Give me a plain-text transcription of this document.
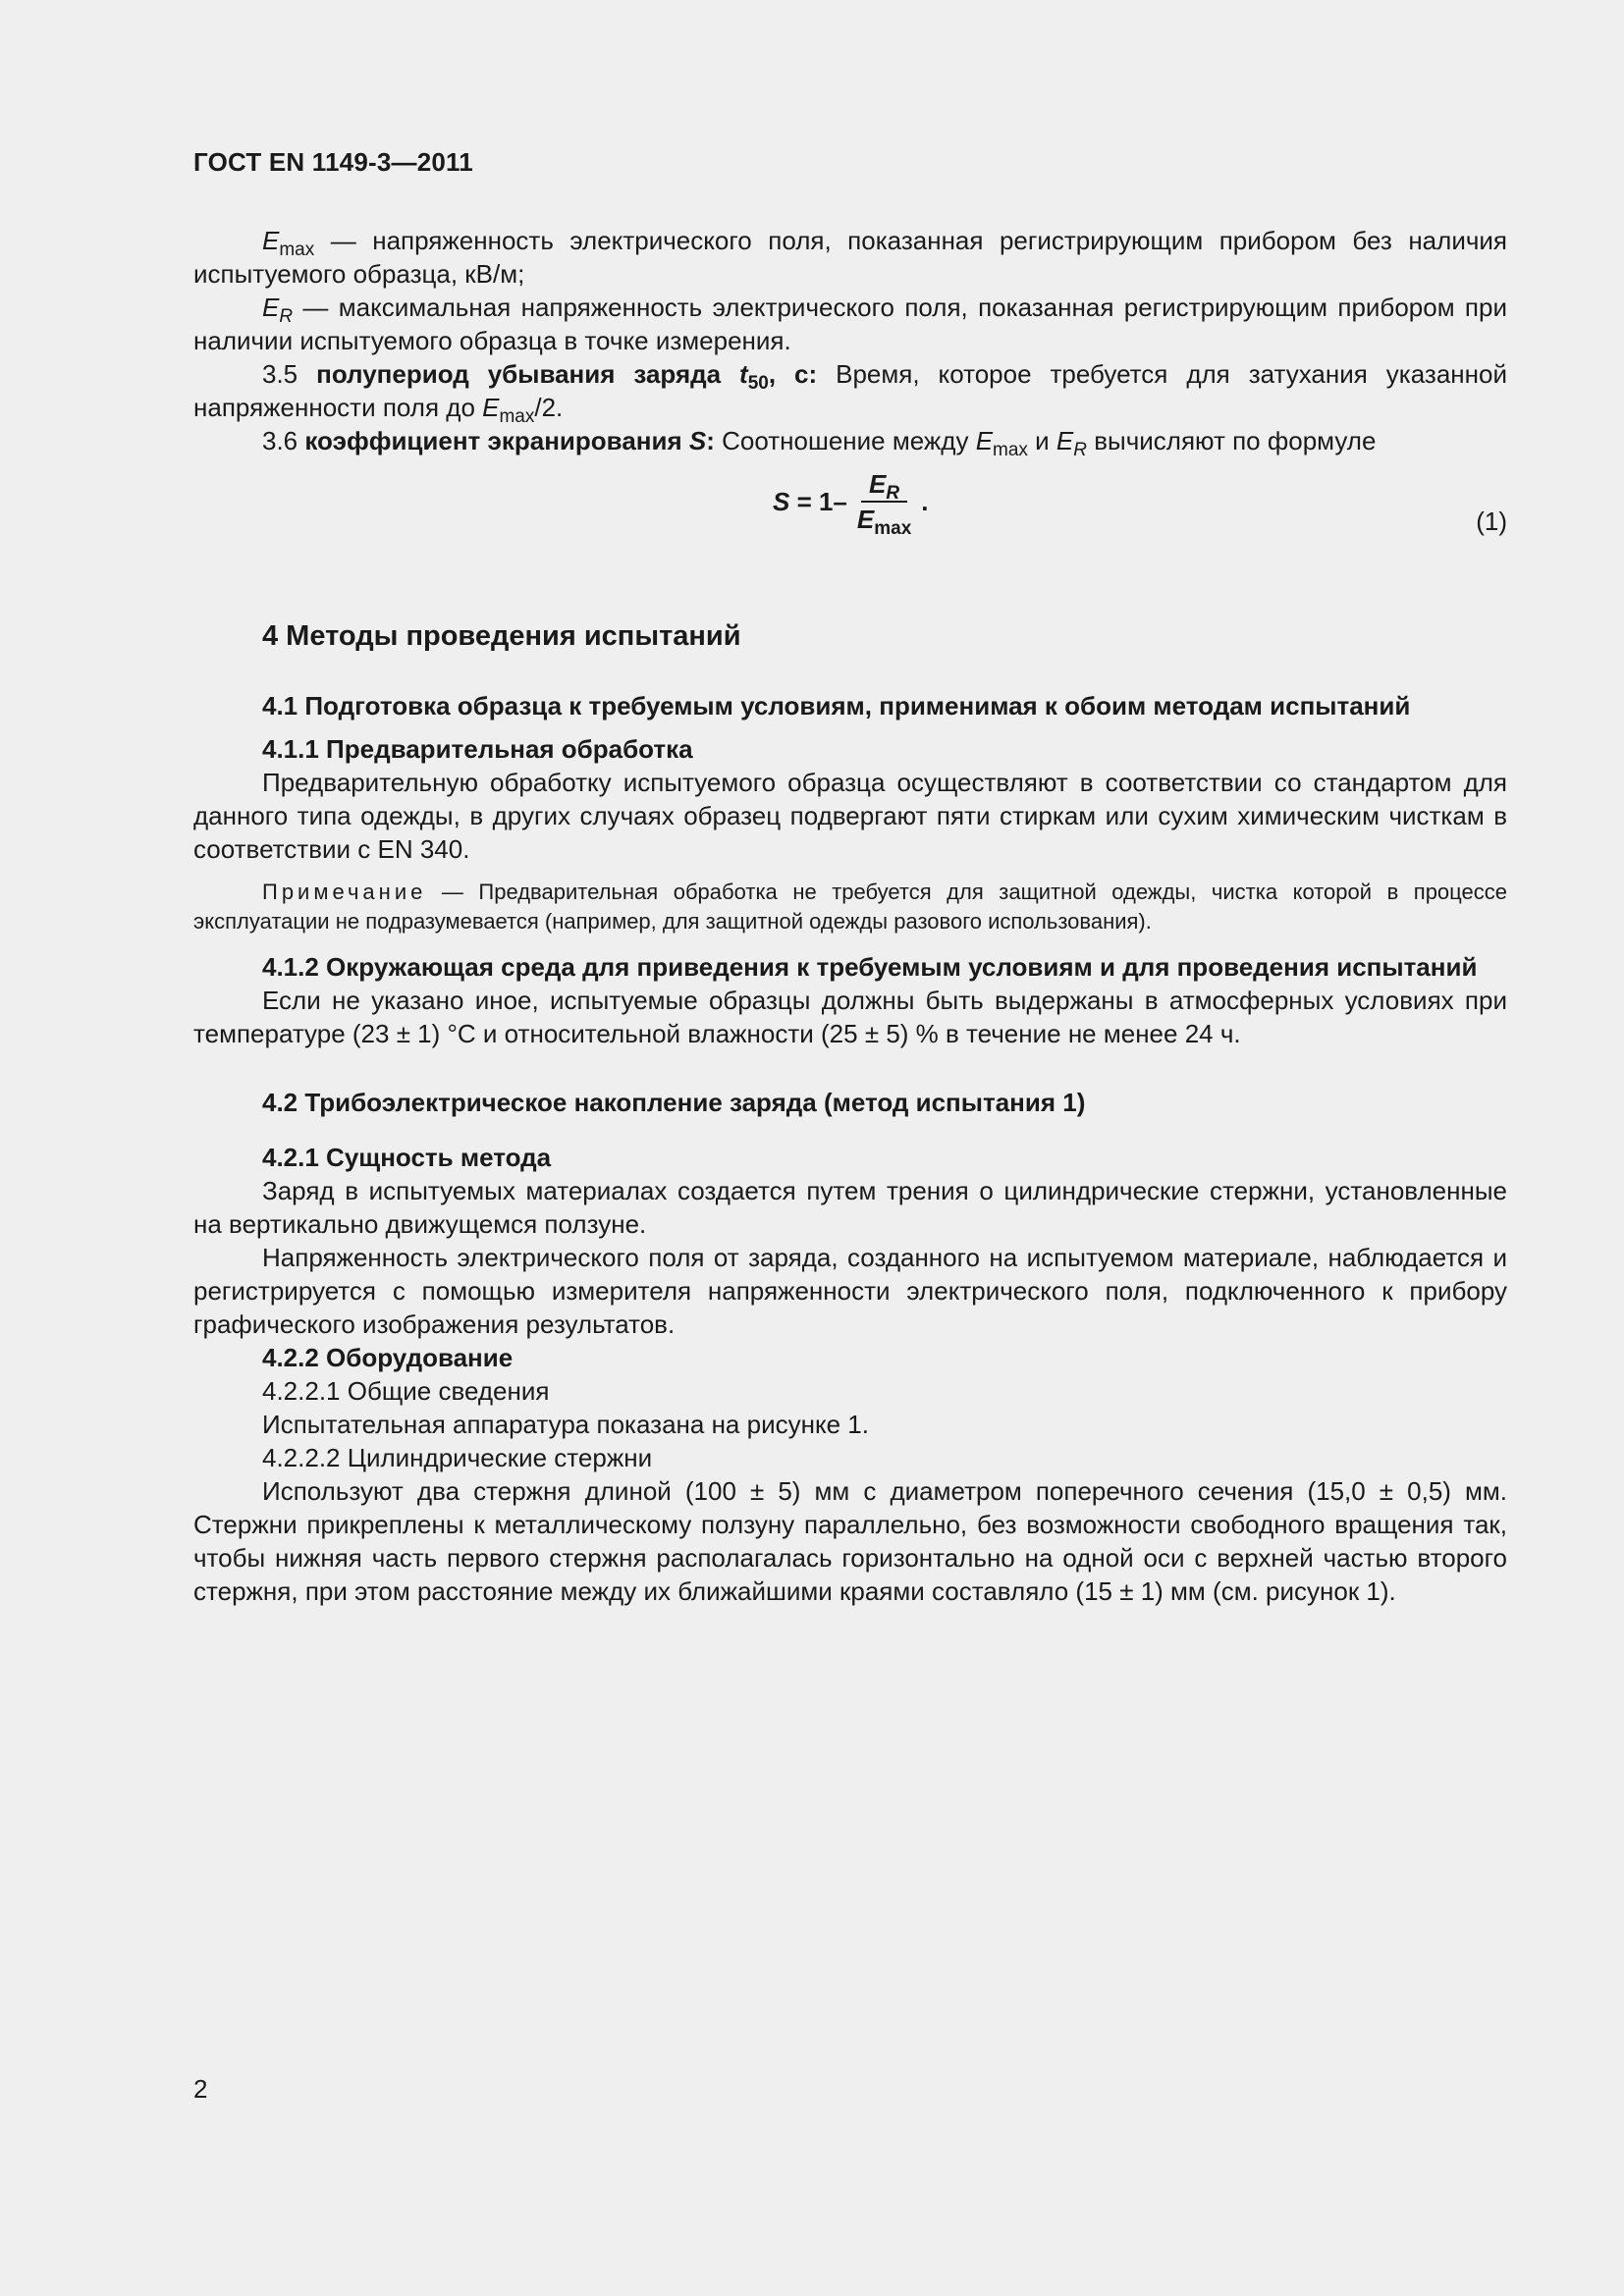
ГОСТ EN 1149-3—2011

$E_{max}$ — напряженность электрического поля, показанная регистрирующим прибором без наличия испытуемого образца, кВ/м;

$E_R$ — максимальная напряженность электрического поля, показанная регистрирующим прибором при наличии испытуемого образца в точке измерения.

3.5 полупериод убывания заряда $t_{50}$, с: Время, которое требуется для затухания указанной напряженности поля до $E_{max}/2$.

3.6 коэффициент экранирования S: Соотношение между $E_{max}$ и $E_R$ вычисляют по формуле

$S = 1- \frac{E_R}{E_{max}}$ .
(1)
4 Методы проведения испытаний

4.1 Подготовка образца к требуемым условиям, применимая к обоим методам испытаний

4.1.1 Предварительная обработка

Предварительную обработку испытуемого образца осуществляют в соответствии со стандартом для данного типа одежды, в других случаях образец подвергают пяти стиркам или сухим химическим чисткам в соответствии с EN 340.

Примечание — Предварительная обработка не требуется для защитной одежды, чистка которой в процессе эксплуатации не подразумевается (например, для защитной одежды разового использования).

4.1.2 Окружающая среда для приведения к требуемым условиям и для проведения испытаний

Если не указано иное, испытуемые образцы должны быть выдержаны в атмосферных условиях при температуре (23 ± 1) °С и относительной влажности (25 ± 5) % в течение не менее 24 ч.

4.2 Трибоэлектрическое накопление заряда (метод испытания 1)

4.2.1 Сущность метода

Заряд в испытуемых материалах создается путем трения о цилиндрические стержни, установленные на вертикально движущемся ползуне.

Напряженность электрического поля от заряда, созданного на испытуемом материале, наблюдается и регистрируется с помощью измерителя напряженности электрического поля, подключенного к прибору графического изображения результатов.

4.2.2 Оборудование

4.2.2.1 Общие сведения

Испытательная аппаратура показана на рисунке 1.

4.2.2.2 Цилиндрические стержни

Используют два стержня длиной (100 ± 5) мм с диаметром поперечного сечения (15,0 ± 0,5) мм. Стержни прикреплены к металлическому ползуну параллельно, без возможности свободного вращения так, чтобы нижняя часть первого стержня располагалась горизонтально на одной оси с верхней частью второго стержня, при этом расстояние между их ближайшими краями составляло (15 ± 1) мм (см. рисунок 1).

2
